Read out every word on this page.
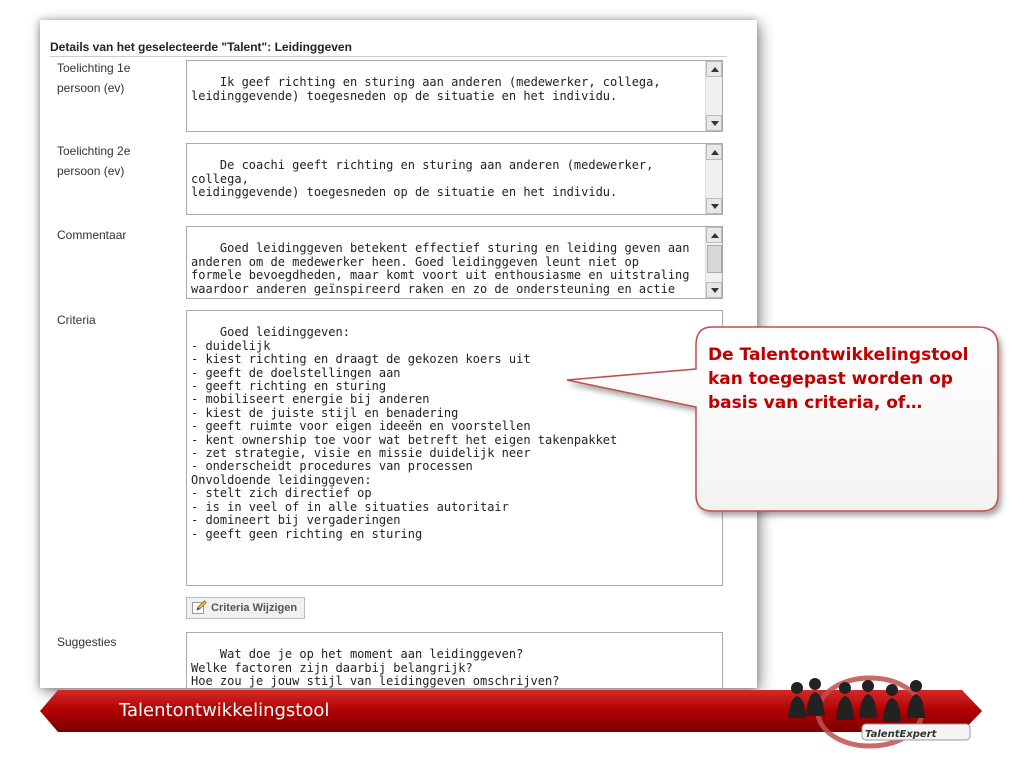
Details van het geselecteerde "Talent": Leidinggeven
Toelichting 1e persoon (ev)	Ik geef richting en sturing aan anderen (medewerker, collega,
leidinggevende) toegesneden op de situatie en het individu.

Toelichting 2e persoon (ev)	De coachi geeft richting en sturing aan anderen (medewerker, collega,
leidinggevende) toegesneden op de situatie en het individu.

Commentaar

Goed leidinggeven betekent effectief sturing en leiding geven aan
anderen om de medewerker heen. Goed leidinggeven leunt niet op
formele bevoegdheden, maar komt voort uit enthousiasme en uitstraling
waardoor anderen geïnspireerd raken en zo de ondersteuning en actie

Criteria

Goed leidinggeven:
- duidelijk
- kiest richting en draagt de gekozen koers uit
- geeft de doelstellingen aan
- geeft richting en sturing
- mobiliseert energie bij anderen
- kiest de juiste stijl en benadering
- geeft ruimte voor eigen ideeën en voorstellen
- kent ownership toe voor wat betreft het eigen takenpakket
- zet strategie, visie en missie duidelijk neer
- onderscheidt procedures van processen
Onvoldoende leidinggeven:
- stelt zich directief op
- is in veel of in alle situaties autoritair
- domineert bij vergaderingen
- geeft geen richting en sturing

Criteria Wijzigen
Suggesties

Wat doe je op het moment aan leidinggeven?
Welke factoren zijn daarbij belangrijk?
Hoe zou je jouw stijl van leidinggeven omschrijven?

De Talentontwikkelingstool kan toegepast worden op basis van criteria, of…
Talentontwikkelingstool
TalentExpert
